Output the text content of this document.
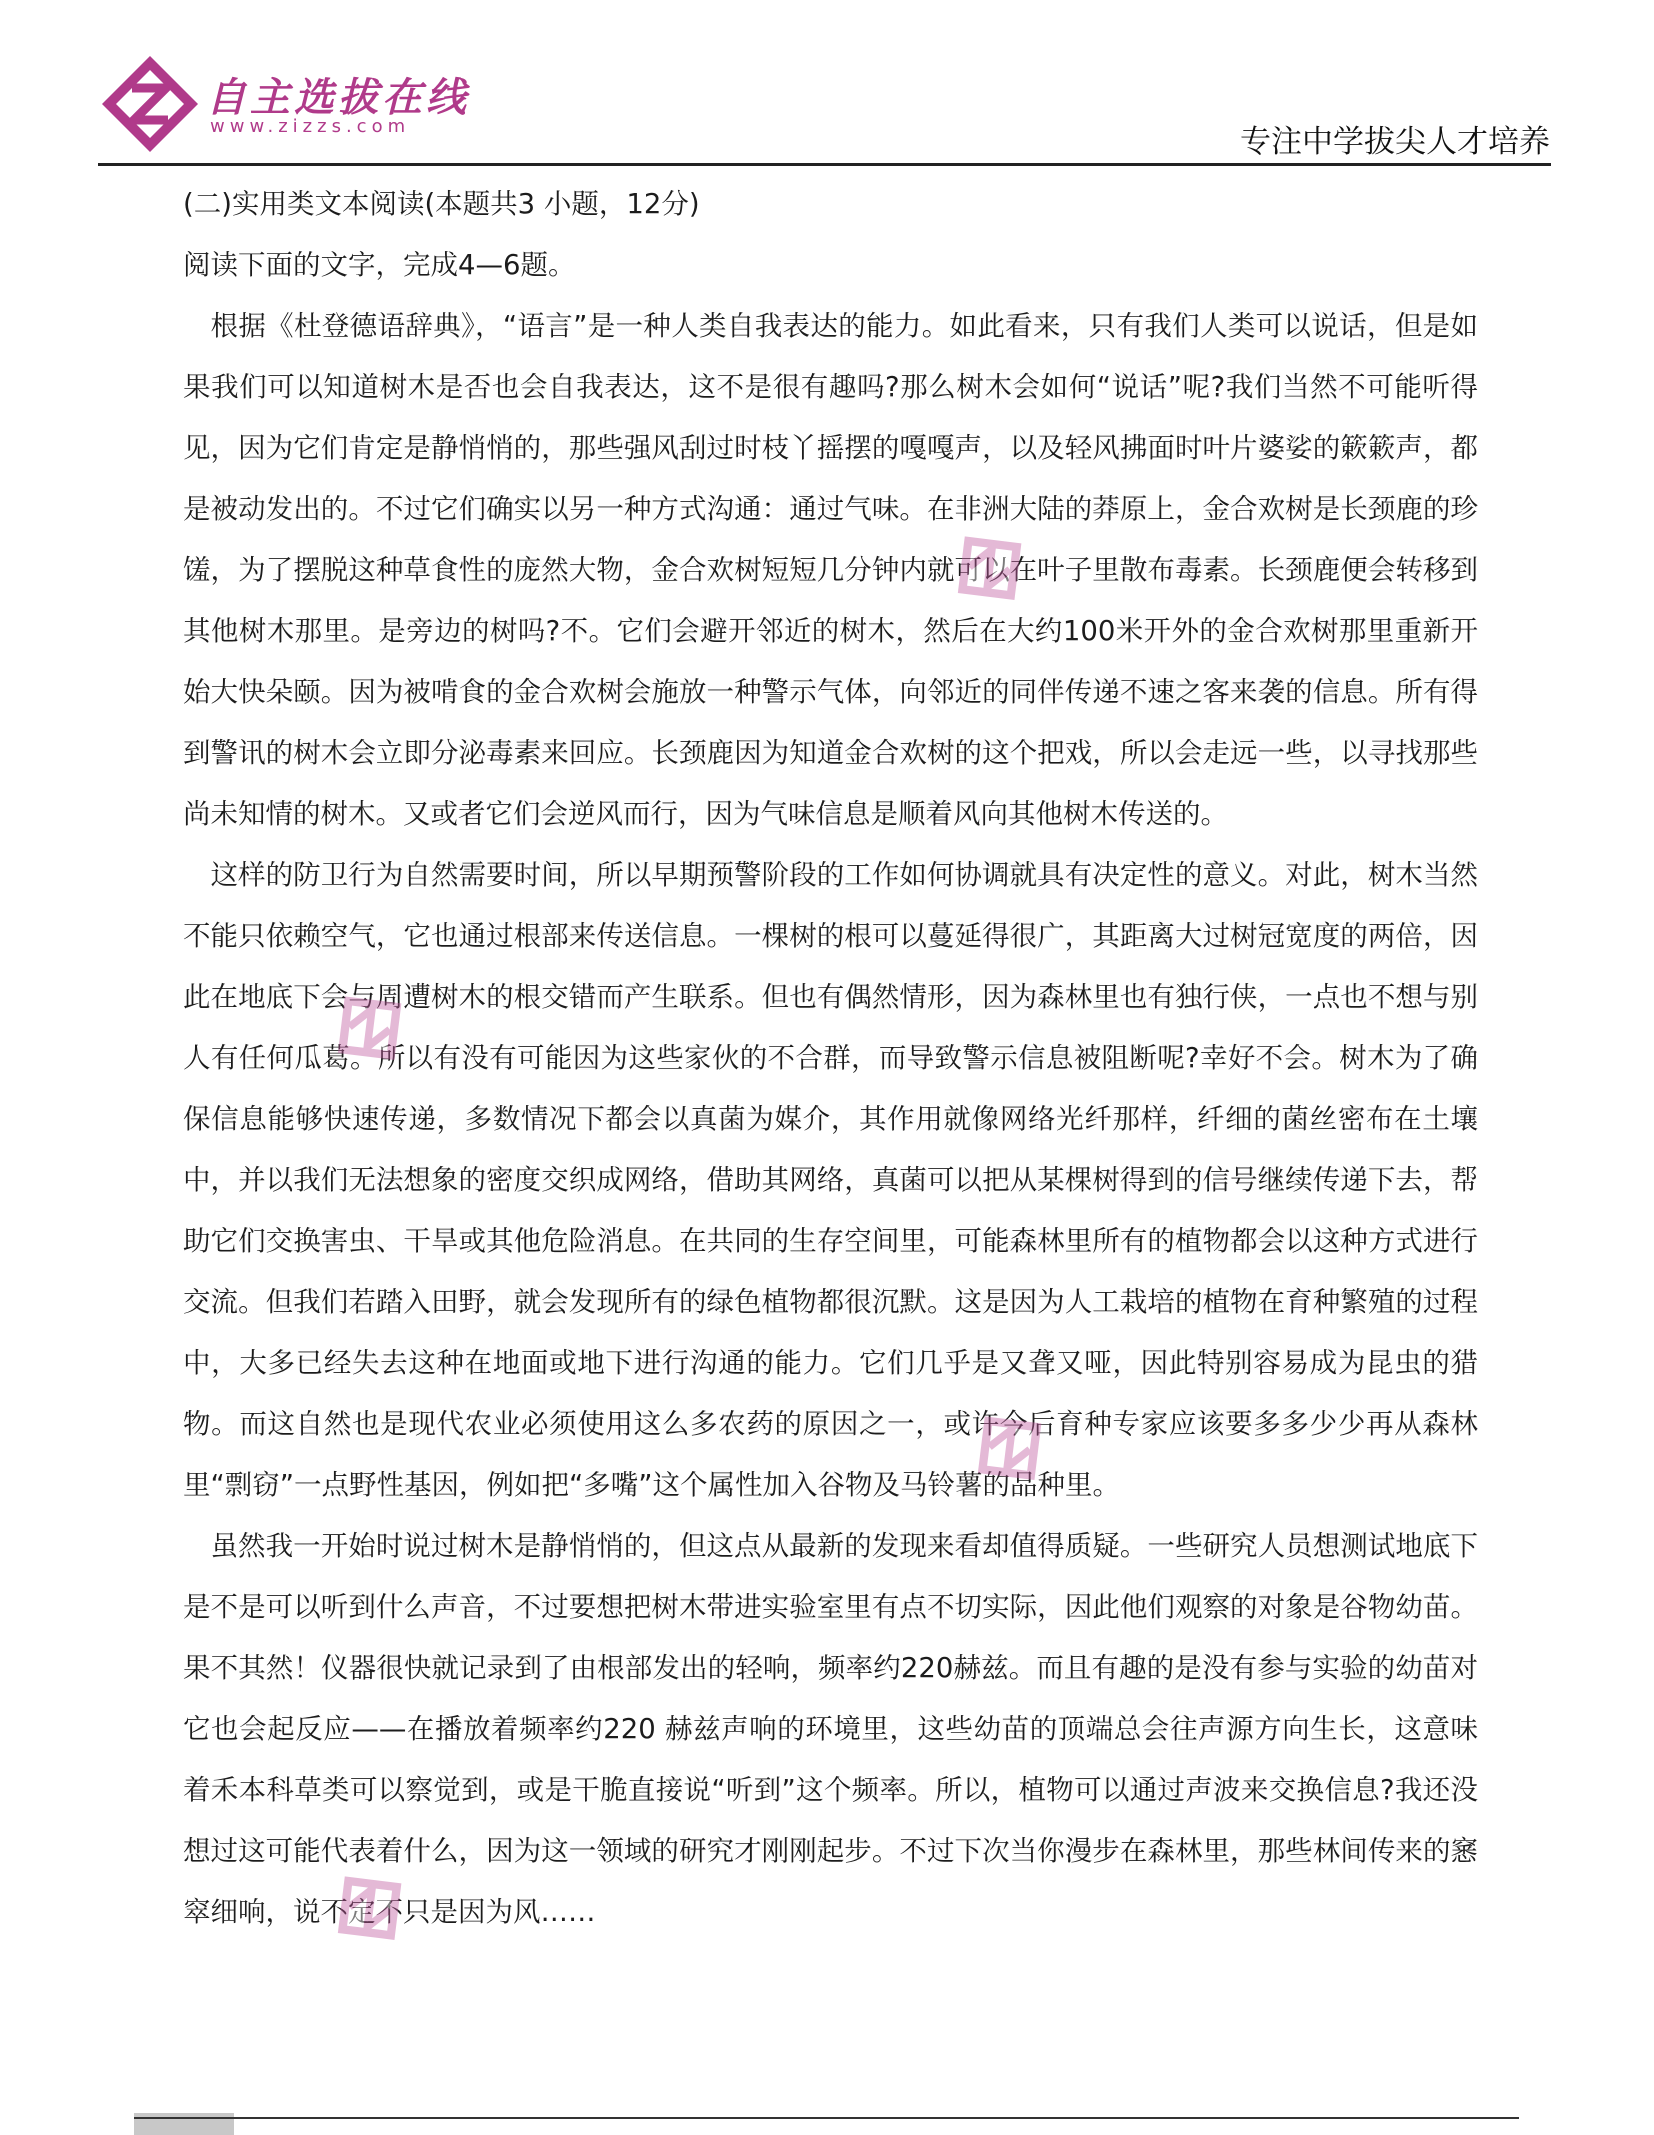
自主选拔在线
www.zizzs.com	专注中学拔尖人才培养

(二)实用类文本阅读(本题共3 小题，12分)

阅读下面的文字，完成4—6题。

根据《杜登德语辞典》，“语言”是一种人类自我表达的能力。如此看来，只有我们人类可以说话，但是如果我们可以知道树木是否也会自我表达，这不是很有趣吗?那么树木会如何“说话”呢?我们当然不可能听得见，因为它们肯定是静悄悄的，那些强风刮过时枝丫摇摆的嘎嘎声，以及轻风拂面时叶片婆娑的簌簌声，都是被动发出的。不过它们确实以另一种方式沟通：通过气味。在非洲大陆的莽原上，金合欢树是长颈鹿的珍馐，为了摆脱这种草食性的庞然大物，金合欢树短短几分钟内就可以在叶子里散布毒素。长颈鹿便会转移到其他树木那里。是旁边的树吗?不。它们会避开邻近的树木，然后在大约100米开外的金合欢树那里重新开始大快朵颐。因为被啃食的金合欢树会施放一种警示气体，向邻近的同伴传递不速之客来袭的信息。所有得到警讯的树木会立即分泌毒素来回应。长颈鹿因为知道金合欢树的这个把戏，所以会走远一些，以寻找那些尚未知情的树木。又或者它们会逆风而行，因为气味信息是顺着风向其他树木传送的。

这样的防卫行为自然需要时间，所以早期预警阶段的工作如何协调就具有决定性的意义。对此，树木当然不能只依赖空气，它也通过根部来传送信息。一棵树的根可以蔓延得很广，其距离大过树冠宽度的两倍，因此在地底下会与周遭树木的根交错而产生联系。但也有偶然情形，因为森林里也有独行侠，一点也不想与别人有任何瓜葛。所以有没有可能因为这些家伙的不合群，而导致警示信息被阻断呢?幸好不会。树木为了确保信息能够快速传递，多数情况下都会以真菌为媒介，其作用就像网络光纤那样，纤细的菌丝密布在土壤中，并以我们无法想象的密度交织成网络，借助其网络，真菌可以把从某棵树得到的信号继续传递下去，帮助它们交换害虫、干旱或其他危险消息。在共同的生存空间里，可能森林里所有的植物都会以这种方式进行交流。但我们若踏入田野，就会发现所有的绿色植物都很沉默。这是因为人工栽培的植物在育种繁殖的过程中，大多已经失去这种在地面或地下进行沟通的能力。它们几乎是又聋又哑，因此特别容易成为昆虫的猎物。而这自然也是现代农业必须使用这么多农药的原因之一，或许今后育种专家应该要多多少少再从森林里“剽窃”一点野性基因，例如把“多嘴”这个属性加入谷物及马铃薯的品种里。

虽然我一开始时说过树木是静悄悄的，但这点从最新的发现来看却值得质疑。一些研究人员想测试地底下是不是可以听到什么声音，不过要想把树木带进实验室里有点不切实际，因此他们观察的对象是谷物幼苗。果不其然！仪器很快就记录到了由根部发出的轻响，频率约220赫兹。而且有趣的是没有参与实验的幼苗对它也会起反应——在播放着频率约220 赫兹声响的环境里，这些幼苗的顶端总会往声源方向生长，这意味着禾本科草类可以察觉到，或是干脆直接说“听到”这个频率。所以，植物可以通过声波来交换信息?我还没想过这可能代表着什么，因为这一领域的研究才刚刚起步。不过下次当你漫步在森林里，那些林间传来的窸窣细响，说不定不只是因为风……
